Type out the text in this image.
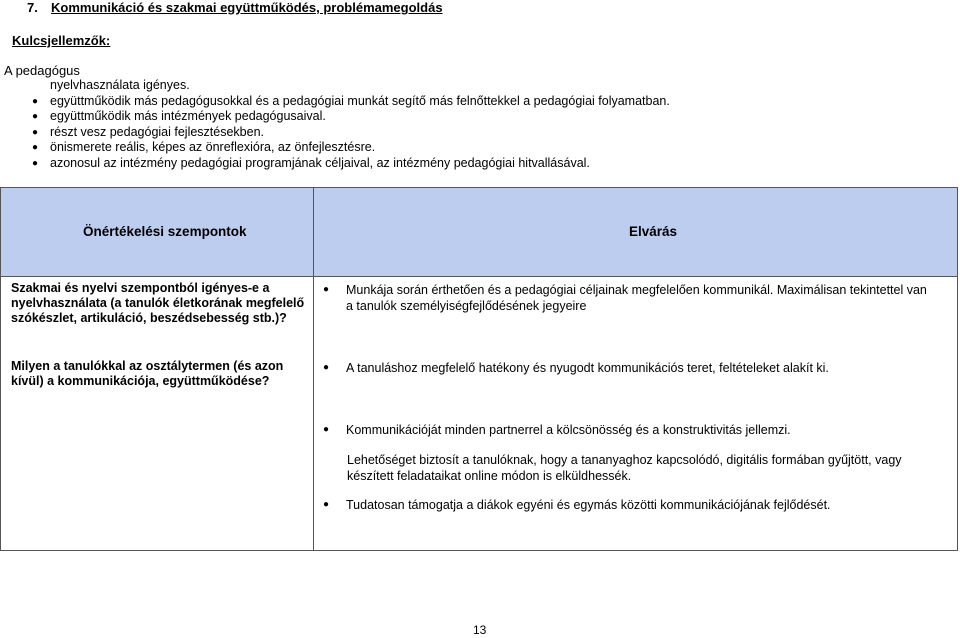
7. Kommunikáció és szakmai együttműködés, problémamegoldás
Kulcsjellemzők:
A pedagógus
nyelvhasználata igényes.
● együttműködik más pedagógusokkal és a pedagógiai munkát segítő más felnőttekkel a pedagógiai folyamatban.
● együttműködik más intézmények pedagógusaival.
● részt vesz pedagógiai fejlesztésekben.
● önismerete reális, képes az önreflexióra, az önfejlesztésre.
● azonosul az intézmény pedagógiai programjának céljaival, az intézmény pedagógiai hitvallásával.
Önértékelési szempontok	Elvárás
Szakmai és nyelvi szempontból igényes-e a nyelvhasználata (a tanulók életkorának megfelelő szókészlet, artikuláció, beszédsebesség stb.)?
Milyen a tanulókkal az osztálytermen (és azon kívül) a kommunikációja, együttműködése?
● Munkája során érthetően és a pedagógiai céljainak megfelelően kommunikál. Maximálisan tekintettel van a tanulók személyiségfejlődésének jegyeire
● A tanuláshoz megfelelő hatékony és nyugodt kommunikációs teret, feltételeket alakít ki.
● Kommunikációját minden partnerrel a kölcsönösség és a konstruktivitás jellemzi.
Lehetőséget biztosít a tanulóknak, hogy a tananyaghoz kapcsolódó, digitális formában gyűjtött, vagy készített feladataikat online módon is elküldhessék.
● Tudatosan támogatja a diákok egyéni és egymás közötti kommunikációjának fejlődését.
13
